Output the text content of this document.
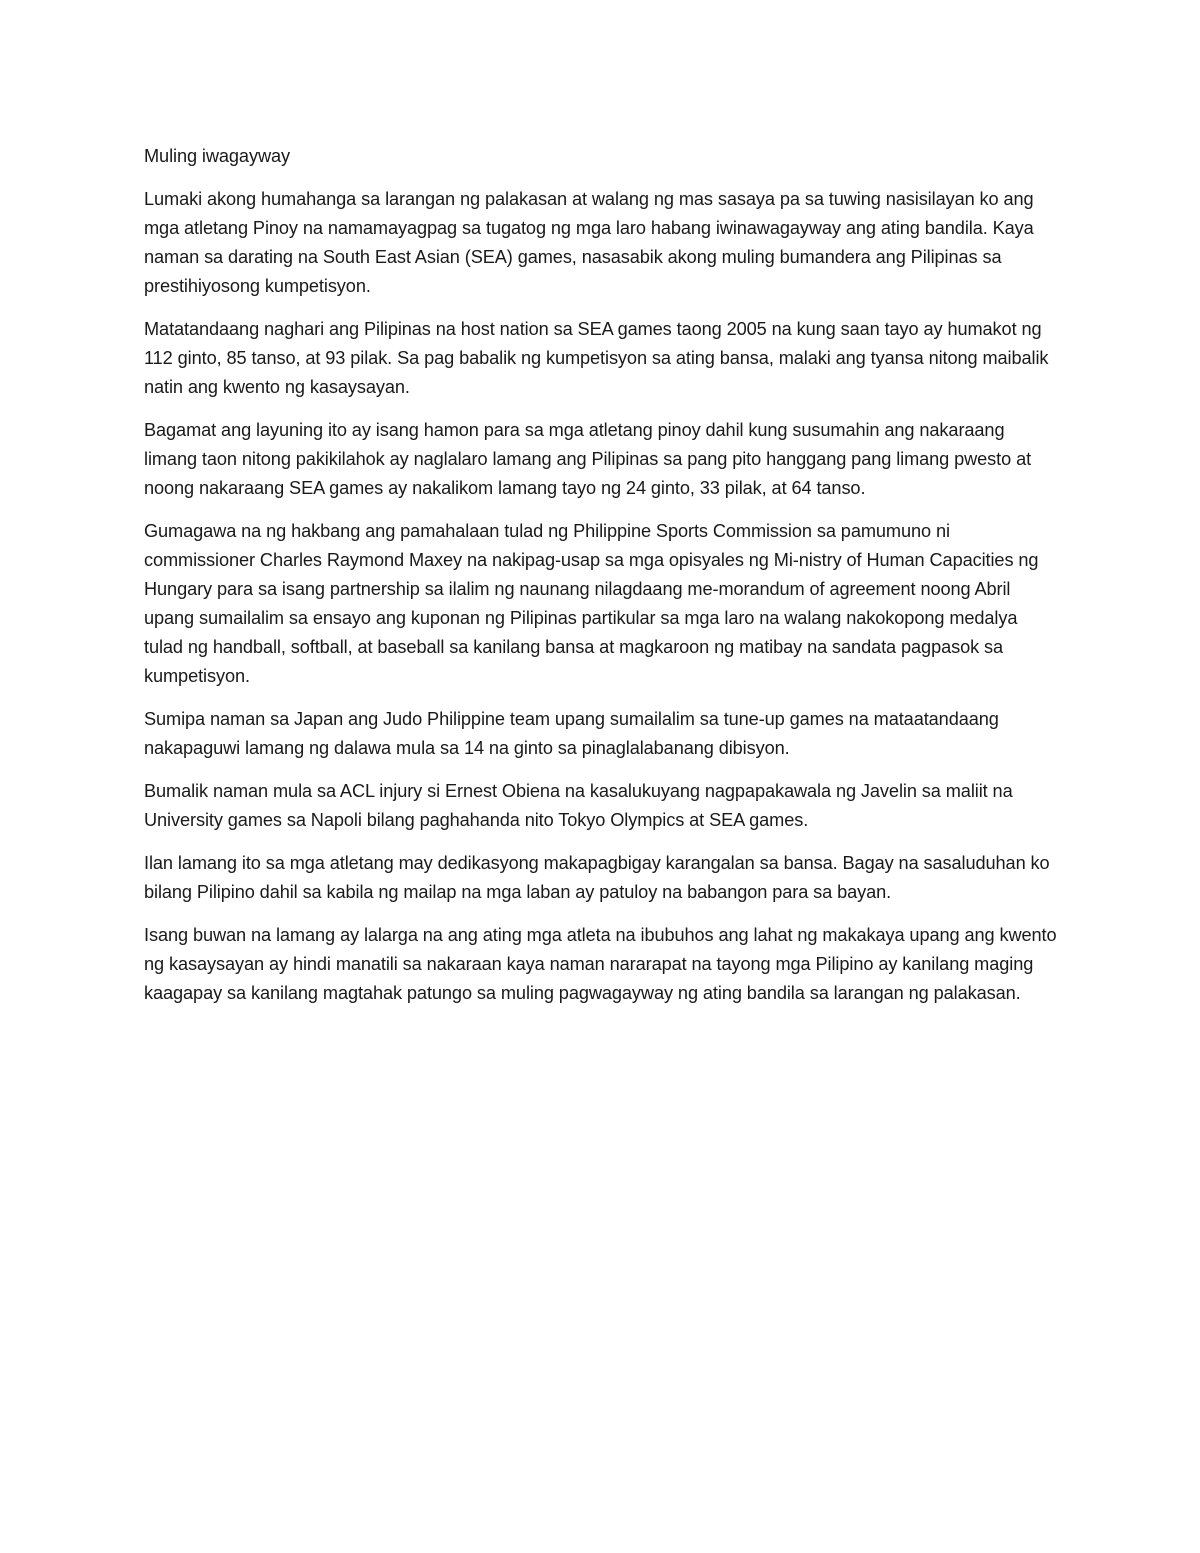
Muling iwagayway

Lumaki akong humahanga sa larangan ng palakasan at walang ng mas sasaya pa sa tuwing nasisilayan ko ang mga atletang Pinoy na namamayagpag sa tugatog ng mga laro habang iwinawagayway ang ating bandila. Kaya naman sa darating na South East Asian (SEA) games, nasasabik akong muling bumandera ang Pilipinas sa prestihiyosong kumpetisyon.

Matatandaang naghari ang Pilipinas na host nation sa SEA games taong 2005 na kung saan tayo ay humakot ng 112 ginto, 85 tanso, at 93 pilak. Sa pag babalik ng kumpetisyon sa ating bansa, malaki ang tyansa nitong maibalik natin ang kwento ng kasaysayan.

Bagamat ang layuning ito ay isang hamon para sa mga atletang pinoy dahil kung susumahin ang nakaraang limang taon nitong pakikilahok ay naglalaro lamang ang Pilipinas sa pang pito hanggang pang limang pwesto at noong nakaraang SEA games ay nakalikom lamang tayo ng 24 ginto, 33 pilak, at 64 tanso.

Gumagawa na ng hakbang ang pamahalaan tulad ng Philippine Sports Commission sa pamumuno ni commissioner Charles Raymond Maxey na nakipag-usap sa mga opisyales ng Mi-nistry of Human Capacities ng Hungary para sa isang partnership sa ilalim ng naunang nilagdaang me-morandum of agreement noong Abril upang sumailalim sa ensayo ang kuponan ng Pilipinas partikular sa mga laro na walang nakokopong medalya tulad ng handball, softball, at baseball sa kanilang bansa at magkaroon ng matibay na sandata pagpasok sa kumpetisyon.

Sumipa naman sa Japan ang Judo Philippine team upang sumailalim sa tune-up games na mataatandaang nakapaguwi lamang ng dalawa mula sa 14 na ginto sa pinaglalabanang dibisyon.

Bumalik naman mula sa ACL injury si Ernest Obiena na kasalukuyang nagpapakawala ng Javelin sa maliit na University games sa Napoli bilang paghahanda nito Tokyo Olympics at SEA games.

Ilan lamang ito sa mga atletang may dedikasyong makapagbigay karangalan sa bansa. Bagay na sasaluduhan ko bilang Pilipino dahil sa kabila ng mailap na mga laban ay patuloy na babangon para sa bayan.

Isang buwan na lamang ay lalarga na ang ating mga atleta na ibubuhos ang lahat ng makakaya upang ang kwento ng kasaysayan ay hindi manatili sa nakaraan kaya naman nararapat na tayong mga Pilipino ay kanilang maging kaagapay sa kanilang magtahak patungo sa muling pagwagayway ng ating bandila sa larangan ng palakasan.
